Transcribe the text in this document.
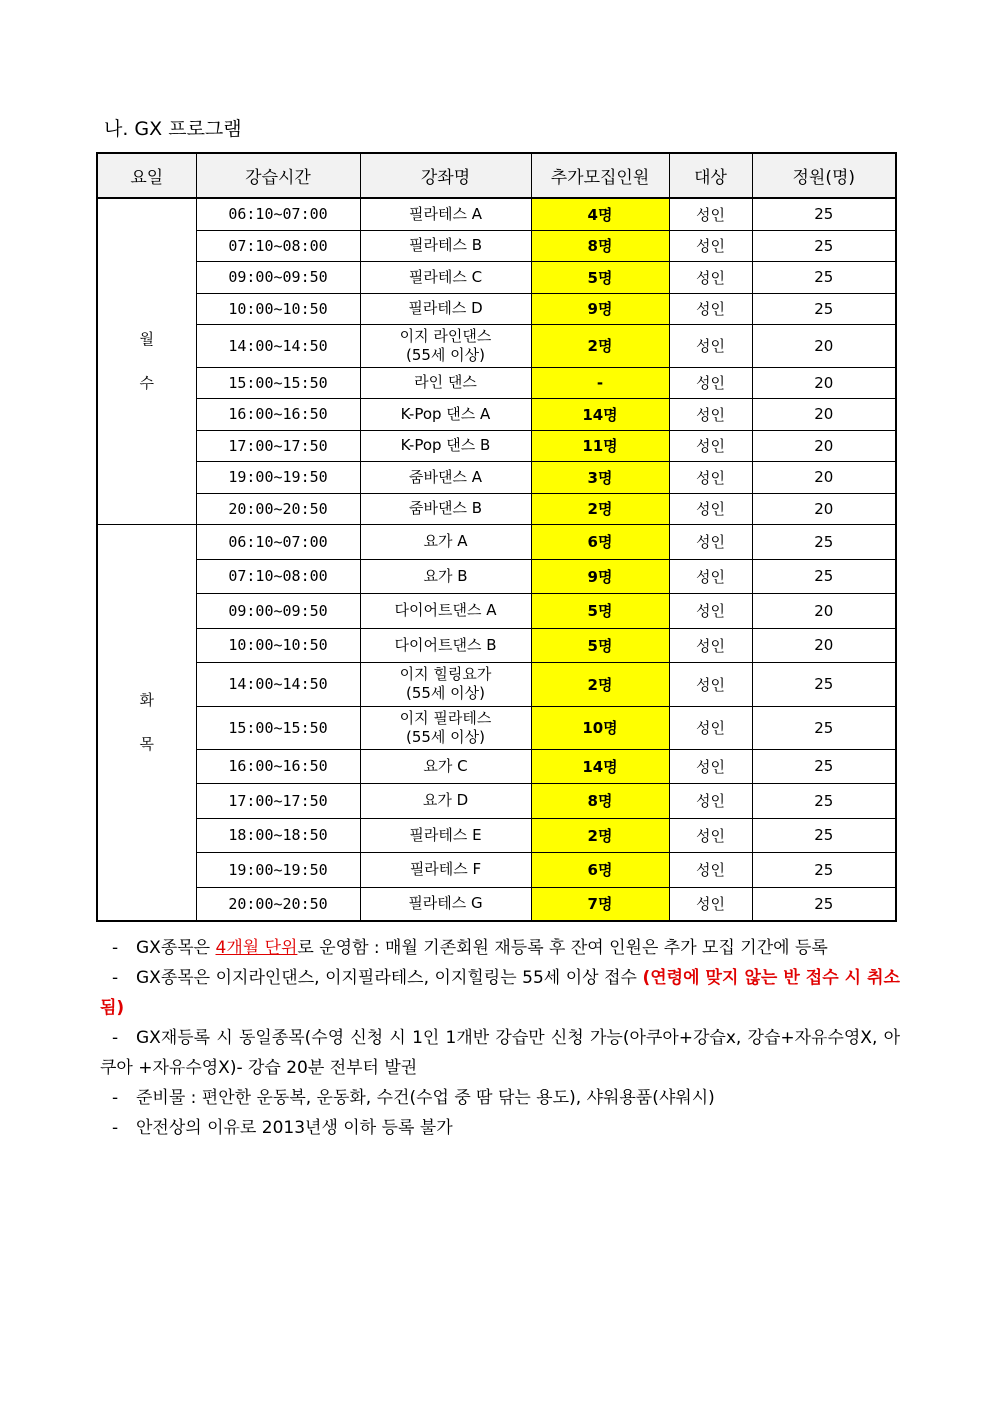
나. GX 프로그램
요일	강습시간	강좌명	추가모집인원	대상	정원(명)

월
수	06:10~07:00	필라테스 A	4명	성인	25
	07:10~08:00	필라테스 B	8명	성인	25
	09:00~09:50	필라테스 C	5명	성인	25
	10:00~10:50	필라테스 D	9명	성인	25
	14:00~14:50	이지 라인댄스
(55세 이상)	2명	성인	20
	15:00~15:50	라인 댄스	-	성인	20
	16:00~16:50	K-Pop 댄스 A	14명	성인	20
	17:00~17:50	K-Pop 댄스 B	11명	성인	20
	19:00~19:50	줌바댄스 A	3명	성인	20
	20:00~20:50	줌바댄스 B	2명	성인	20

화
목	06:10~07:00	요가 A	6명	성인	25
	07:10~08:00	요가 B	9명	성인	25
	09:00~09:50	다이어트댄스 A	5명	성인	20
	10:00~10:50	다이어트댄스 B	5명	성인	20
	14:00~14:50	이지 힐링요가
(55세 이상)	2명	성인	25
	15:00~15:50	이지 필라테스
(55세 이상)	10명	성인	25
	16:00~16:50	요가 C	14명	성인	25
	17:00~17:50	요가 D	8명	성인	25
	18:00~18:50	필라테스 E	2명	성인	25
	19:00~19:50	필라테스 F	6명	성인	25
	20:00~20:50	필라테스 G	7명	성인	25

- GX종목은 4개월 단위로 운영함 : 매월 기존회원 재등록 후 잔여 인원은 추가 모집 기간에 등록

- GX종목은 이지라인댄스, 이지필라테스, 이지힐링는 55세 이상 접수 (연령에 맞지 않는 반 접수 시 취소됨)

- GX재등록 시 동일종목(수영 신청 시 1인 1개반 강습만 신청 가능(아쿠아+강습x, 강습+자유수영X, 아쿠아 +자유수영X)- 강습 20분 전부터 발권

- 준비물 : 편안한 운동복, 운동화, 수건(수업 중 땀 닦는 용도), 샤워용품(샤워시)

- 안전상의 이유로 2013년생 이하 등록 불가
